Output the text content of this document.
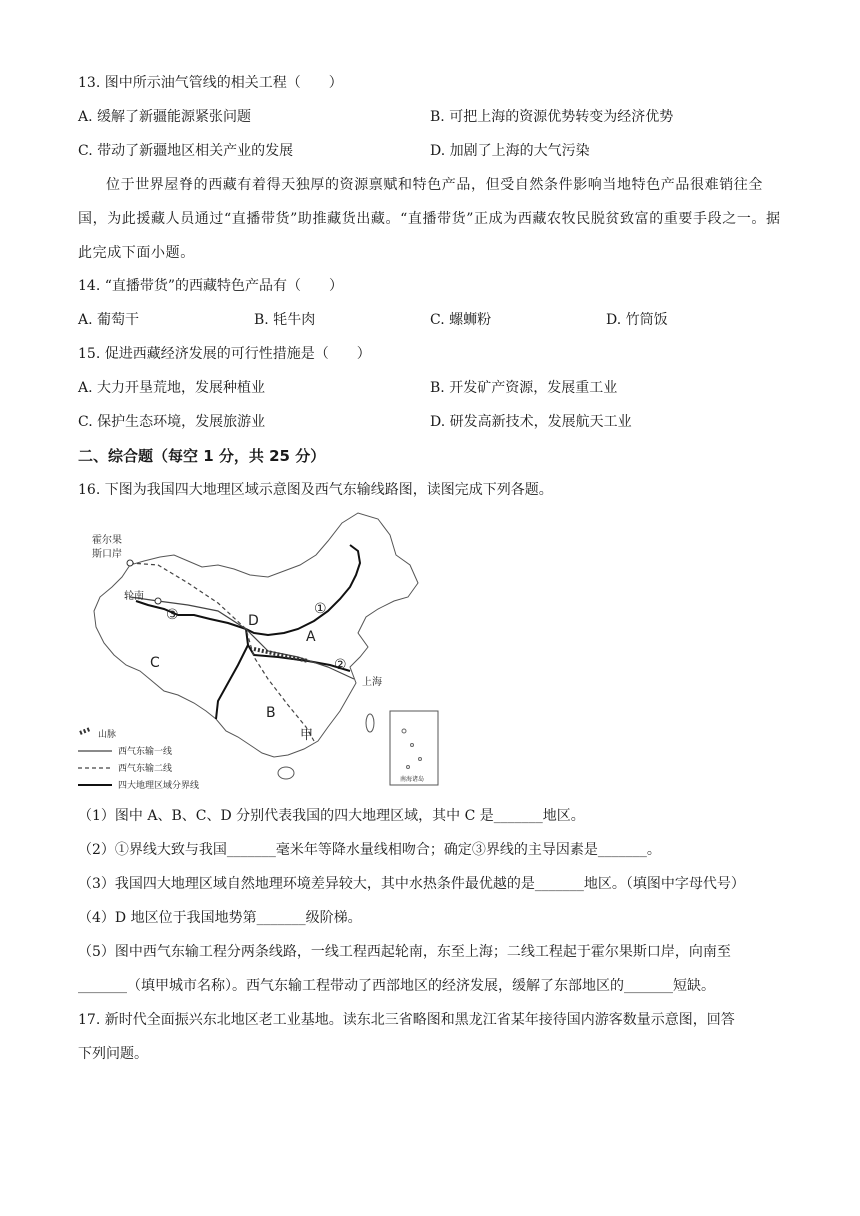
13. 图中所示油气管线的相关工程（　　）
A. 缓解了新疆能源紧张问题	B. 可把上海的资源优势转变为经济优势
C. 带动了新疆地区相关产业的发展	D. 加剧了上海的大气污染
位于世界屋脊的西藏有着得天独厚的资源禀赋和特色产品，但受自然条件影响当地特色产品很难销往全国，为此援藏人员通过“直播带货”助推藏货出藏。“直播带货”正成为西藏农牧民脱贫致富的重要手段之一。据此完成下面小题。
14. “直播带货”的西藏特色产品有（　　）
A. 葡萄干	B. 牦牛肉	C. 螺蛳粉	D. 竹筒饭
15. 促进西藏经济发展的可行性措施是（　　）
A. 大力开垦荒地，发展种植业	B. 开发矿产资源，发展重工业
C. 保护生态环境，发展旅游业	D. 研发高新技术，发展航天工业
二、综合题（每空 1 分，共 25 分）
16. 下图为我国四大地理区域示意图及西气东输线路图，读图完成下列各题。
南海诸岛
霍尔果
斯口岸
轮南
上海
甲
A
B
C
D
①
②
③
山脉
西气东输一线
西气东输二线
四大地理区域分界线
（1）图中 A、B、C、D 分别代表我国的四大地理区域，其中 C 是_______地区。
（2）①界线大致与我国_______毫米年等降水量线相吻合；确定③界线的主导因素是_______。
（3）我国四大地理区域自然地理环境差异较大，其中水热条件最优越的是_______地区。（填图中字母代号）
（4）D 地区位于我国地势第_______级阶梯。
（5）图中西气东输工程分两条线路，一线工程西起轮南，东至上海；二线工程起于霍尔果斯口岸，向南至
_______（填甲城市名称）。西气东输工程带动了西部地区的经济发展，缓解了东部地区的_______短缺。
17. 新时代全面振兴东北地区老工业基地。读东北三省略图和黑龙江省某年接待国内游客数量示意图，回答
下列问题。
